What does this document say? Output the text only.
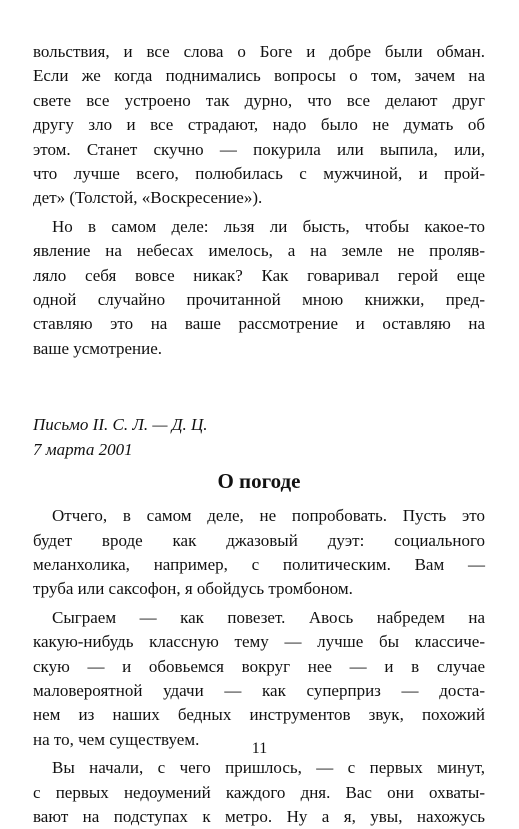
вольствия, и все слова о Боге и добре были обман.

Если же когда поднимались вопросы о том, зачем на

свете все устроено так дурно, что все делают друг

другу зло и все страдают, надо было не думать об

этом. Станет скучно — покурила или выпила, или,

что лучше всего, полюбилась с мужчиной, и прой-

дет» (Толстой, «Воскресение»).

Но в самом деле: льзя ли бысть, чтобы какое-то

явление на небесах имелось, а на земле не проляв-

ляло себя вовсе никак? Как говаривал герой еще

одной случайно прочитанной мною книжки, пред-

ставляю это на ваше рассмотрение и оставляю на

ваше усмотрение.

Письмо II. С. Л. — Д. Ц.

7 марта 2001

О погоде

Отчего, в самом деле, не попробовать. Пусть это

будет вроде как джазовый дуэт: социального

меланхолика, например, с политическим. Вам —

труба или саксофон, я обойдусь тромбоном.

Сыграем — как повезет. Авось набредем на

какую-нибудь классную тему — лучше бы классиче-

скую — и обовьемся вокруг нее — и в случае

маловероятной удачи — как суперприз — достa-

нем из наших бедных инструментов звук, похожий

на то, чем существуем.

Вы начали, с чего пришлось, — с первых минут,

с первых недоумений каждого дня. Вас они охваты-

вают на подступах к метро. Ну а я, увы, нахожусь

11
